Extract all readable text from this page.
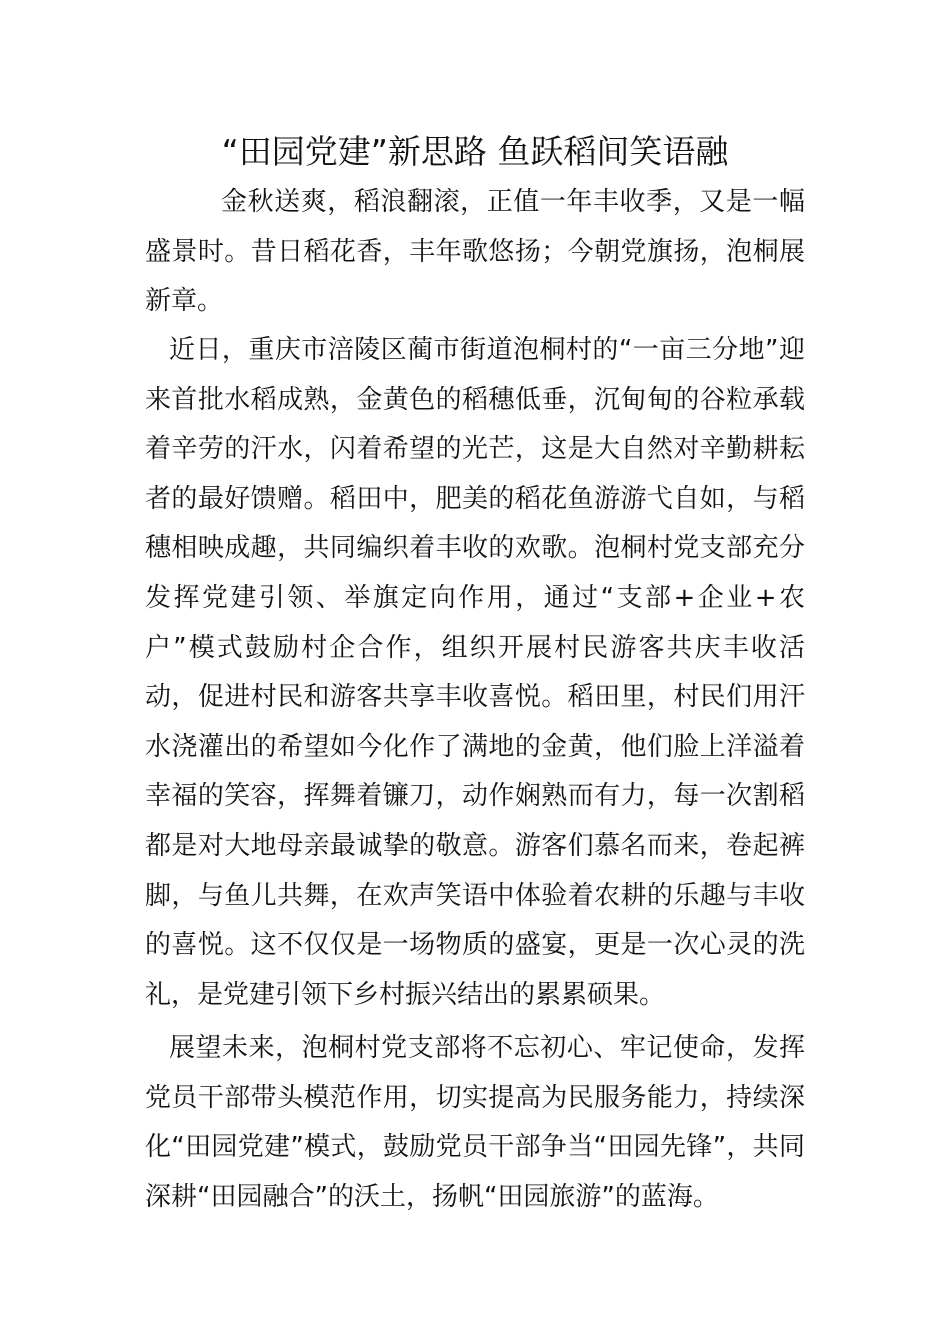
“田园党建”新思路 鱼跃稻间笑语融
金秋送爽，稻浪翻滚，正值一年丰收季，又是一幅盛景时。昔日稻花香，丰年歌悠扬；今朝党旗扬，泡桐展新章。
近日，重庆市涪陵区蔺市街道泡桐村的“一亩三分地”迎来首批水稻成熟，金黄色的稻穗低垂，沉甸甸的谷粒承载着辛劳的汗水，闪着希望的光芒，这是大自然对辛勤耕耘者的最好馈赠。稻田中，肥美的稻花鱼游游弋自如，与稻穗相映成趣，共同编织着丰收的欢歌。泡桐村党支部充分发挥党建引领、举旗定向作用，通过“支部+企业+农户”模式鼓励村企合作，组织开展村民游客共庆丰收活动，促进村民和游客共享丰收喜悦。稻田里，村民们用汗水浇灌出的希望如今化作了满地的金黄，他们脸上洋溢着幸福的笑容，挥舞着镰刀，动作娴熟而有力，每一次割稻都是对大地母亲最诚挚的敬意。游客们慕名而来，卷起裤脚，与鱼儿共舞，在欢声笑语中体验着农耕的乐趣与丰收的喜悦。这不仅仅是一场物质的盛宴，更是一次心灵的洗礼，是党建引领下乡村振兴结出的累累硕果。
展望未来，泡桐村党支部将不忘初心、牢记使命，发挥党员干部带头模范作用，切实提高为民服务能力，持续深化“田园党建”模式，鼓励党员干部争当“田园先锋”，共同深耕“田园融合”的沃土，扬帆“田园旅游”的蓝海。
